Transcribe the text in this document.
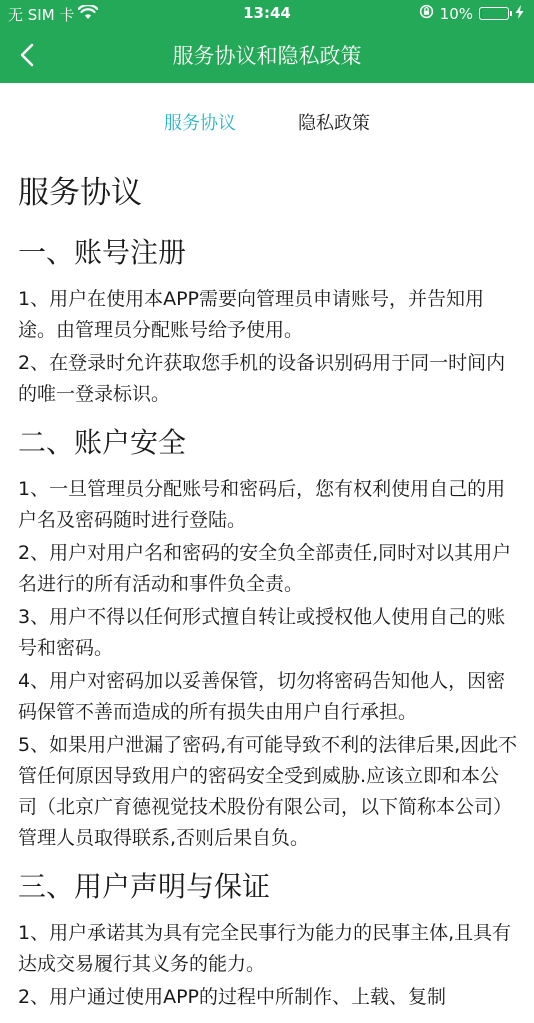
无 SIM 卡	13:44	10%
服务协议和隐私政策
服务协议	隐私政策
服务协议
一、账号注册

1、用户在使用本APP需要向管理员申请账号，并告知用途。由管理员分配账号给予使用。

2、在登录时允许获取您手机的设备识别码用于同一时间内的唯一登录标识。

二、账户安全

1、一旦管理员分配账号和密码后，您有权利使用自己的用户名及密码随时进行登陆。

2、用户对用户名和密码的安全负全部责任,同时对以其用户名进行的所有活动和事件负全责。

3、用户不得以任何形式擅自转让或授权他人使用自己的账号和密码。

4、用户对密码加以妥善保管，切勿将密码告知他人，因密码保管不善而造成的所有损失由用户自行承担。

5、如果用户泄漏了密码,有可能导致不利的法律后果,因此不管任何原因导致用户的密码安全受到威胁.应该立即和本公司（北京广育德视觉技术股份有限公司，以下简称本公司）管理人员取得联系,否则后果自负。

三、用户声明与保证

1、用户承诺其为具有完全民事行为能力的民事主体,且具有达成交易履行其义务的能力。

2、用户通过使用APP的过程中所制作、上载、复制
